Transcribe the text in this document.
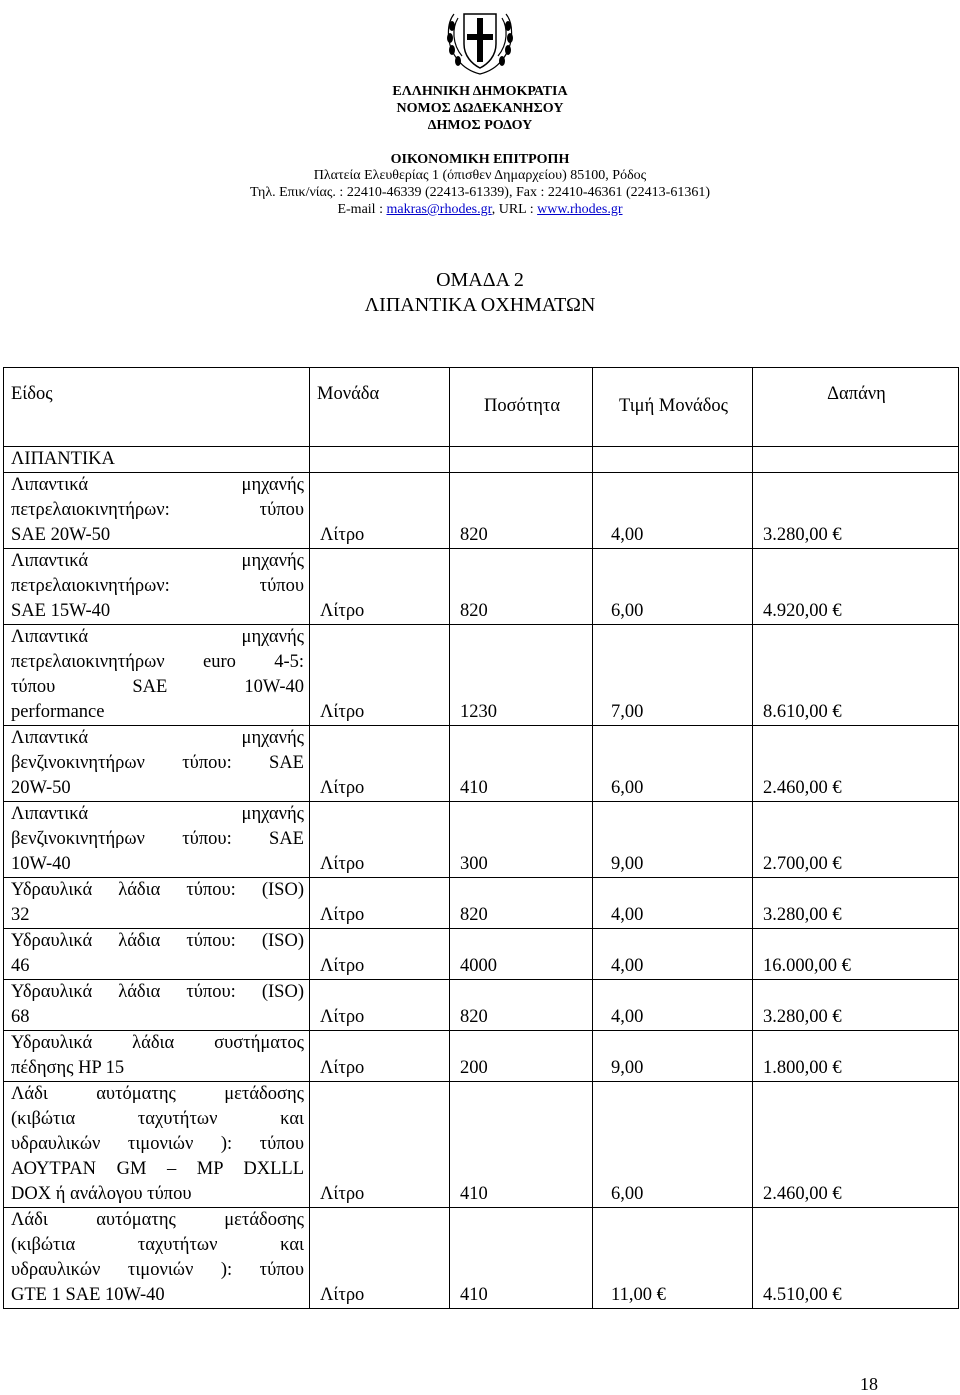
ΕΛΛΗΝΙΚΗ ΔΗΜΟΚΡΑΤΙΑ
ΝΟΜΟΣ ΔΩΔΕΚΑΝΗΣΟΥ
ΔΗΜΟΣ ΡΟΔΟΥ
ΟΙΚΟΝΟΜΙΚΗ ΕΠΙΤΡΟΠΗ
Πλατεία Ελευθερίας 1 (όπισθεν Δημαρχείου) 85100, Ρόδος
Τηλ. Επικ/νίας. : 22410-46339 (22413-61339), Fax : 22410-46361 (22413-61361)
E-mail : makras@rhodes.gr, URL : www.rhodes.gr
ΟΜΑΔΑ 2
ΛΙΠΑΝΤΙΚΑ ΟΧΗΜΑΤΩΝ
Είδος	Μονάδα	Ποσότητα	Τιμή Μονάδος	Δαπάνη
ΛΙΠΑΝΤΙΚΑ				

Λιπαντικά μηχανής
πετρελαιοκινητήρων: τύπου
SAE 20W-50	Λίτρο	820	4,00	3.280,00 €

Λιπαντικά μηχανής
πετρελαιοκινητήρων: τύπου
SAE 15W-40	Λίτρο	820	6,00	4.920,00 €

Λιπαντικά μηχανής
πετρελαιοκινητήρων euro 4-5:
τύπου SAE 10W-40
performance	Λίτρο	1230	7,00	8.610,00 €

Λιπαντικά μηχανής
βενζινοκινητήρων τύπου: SAE
20W-50	Λίτρο	410	6,00	2.460,00 €

Λιπαντικά μηχανής
βενζινοκινητήρων τύπου: SAE
10W-40	Λίτρο	300	9,00	2.700,00 €

Υδραυλικά λάδια τύπου: (ISO)
32	Λίτρο	820	4,00	3.280,00 €

Υδραυλικά λάδια τύπου: (ISO)
46	Λίτρο	4000	4,00	16.000,00 €

Υδραυλικά λάδια τύπου: (ISO)
68	Λίτρο	820	4,00	3.280,00 €

Υδραυλικά λάδια συστήματος
πέδησης HP 15	Λίτρο	200	9,00	1.800,00 €

Λάδι αυτόματης μετάδοσης
(κιβώτια ταχυτήτων και
υδραυλικών τιμονιών ): τύπου
ΑΟΥΤΡΑΝ GM – MP DXLLL
DOX ή ανάλογου τύπου	Λίτρο	410	6,00	2.460,00 €

Λάδι αυτόματης μετάδοσης
(κιβώτια ταχυτήτων και
υδραυλικών τιμονιών ): τύπου
GTE 1 SAE 10W-40	Λίτρο	410	11,00 €	4.510,00 €
18
